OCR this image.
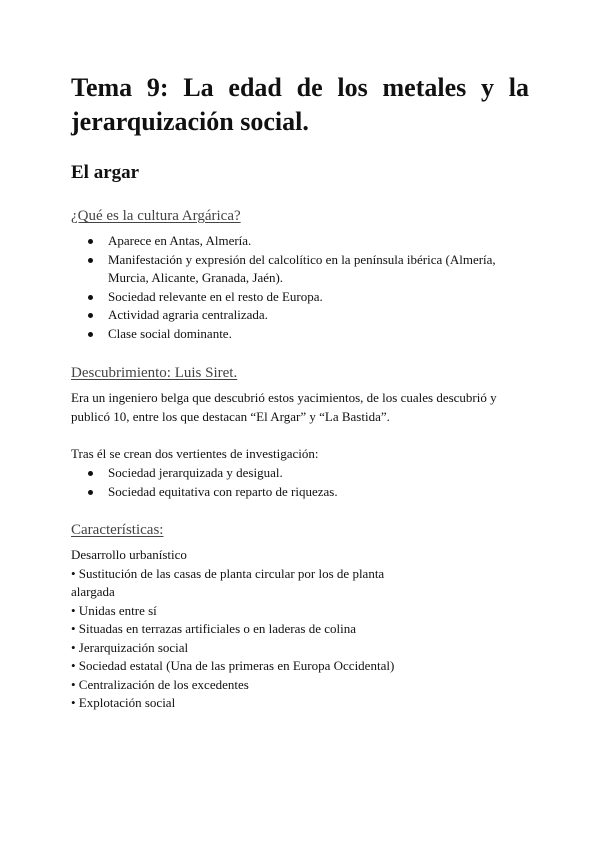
Tema 9: La edad de los metales y la
jerarquización social.
El argar
¿Qué es la cultura Argárica?
Aparece en Antas, Almería.
Manifestación y expresión del calcolítico en la península ibérica (Almería, Murcia, Alicante, Granada, Jaén).
Sociedad relevante en el resto de Europa.
Actividad agraria centralizada.
Clase social dominante.
Descubrimiento: Luis Siret.

Era un ingeniero belga que descubrió estos yacimientos, de los cuales descubrió y publicó 10, entre los que destacan “El Argar” y “La Bastida”.

Tras él se crean dos vertientes de investigación:

Sociedad jerarquizada y desigual.
Sociedad equitativa con reparto de riquezas.
Características:
Desarrollo urbanístico
• Sustitución de las casas de planta circular por los de planta alargada
• Unidas entre sí
• Situadas en terrazas artificiales o en laderas de colina
• Jerarquización social
• Sociedad estatal (Una de las primeras en Europa Occidental)
• Centralización de los excedentes
• Explotación social
